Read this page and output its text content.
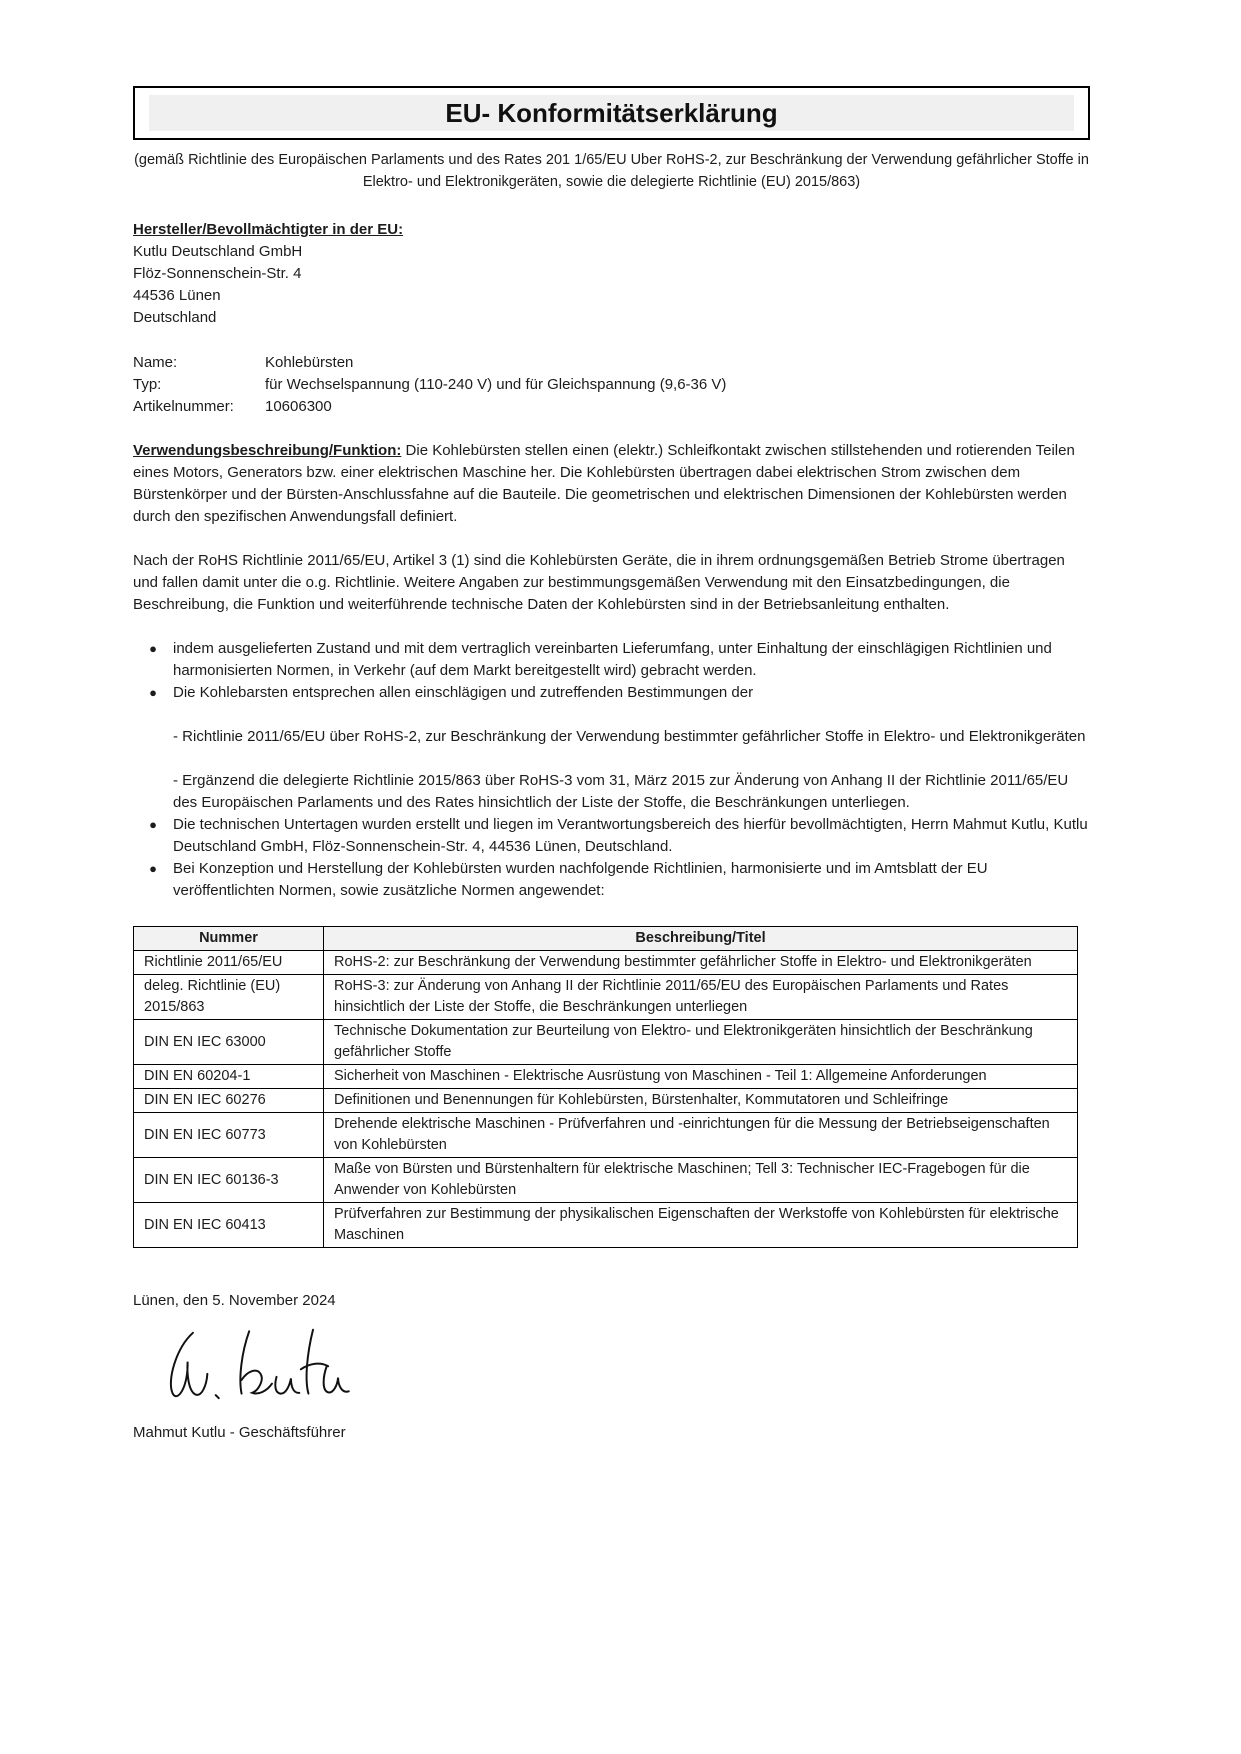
EU- Konformitätserklärung
(gemäß Richtlinie des Europäischen Parlaments und des Rates 201 1/65/EU Uber RoHS-2, zur Beschränkung der Verwendung gefährlicher Stoffe in Elektro- und Elektronikgeräten, sowie die delegierte Richtlinie (EU) 2015/863)
Hersteller/Bevollmächtigter in der EU:
Kutlu Deutschland GmbH
Flöz-Sonnenschein-Str. 4
44536 Lünen
Deutschland
Name:	Kohlebürsten
Typ:	für Wechselspannung (110-240 V) und für Gleichspannung (9,6-36 V)
Artikelnummer:	10606300
Verwendungsbeschreibung/Funktion: Die Kohlebürsten stellen einen (elektr.) Schleifkontakt zwischen stillstehenden und rotierenden Teilen eines Motors, Generators bzw. einer elektrischen Maschine her. Die Kohlebürsten übertragen dabei elektrischen Strom zwischen dem Bürstenkörper und der Bürsten-Anschlussfahne auf die Bauteile. Die geometrischen und elektrischen Dimensionen der Kohlebürsten werden durch den spezifischen Anwendungsfall definiert.
Nach der RoHS Richtlinie 2011/65/EU, Artikel 3 (1) sind die Kohlebürsten Geräte, die in ihrem ordnungsgemäßen Betrieb Strome übertragen und fallen damit unter die o.g. Richtlinie. Weitere Angaben zur bestimmungsgemäßen Verwendung mit den Einsatzbedingungen, die Beschreibung, die Funktion und weiterführende technische Daten der Kohlebürsten sind in der Betriebsanleitung enthalten.
●	indem ausgelieferten Zustand und mit dem vertraglich vereinbarten Lieferumfang, unter Einhaltung der einschlägigen Richtlinien und harmonisierten Normen, in Verkehr (auf dem Markt bereitgestellt wird) gebracht werden.
●	Die Kohlebarsten entsprechen allen einschlägigen und zutreffenden Bestimmungen der
- Richtlinie 2011/65/EU über RoHS-2, zur Beschränkung der Verwendung bestimmter gefährlicher Stoffe in Elektro- und Elektronikgeräten
- Ergänzend die delegierte Richtlinie 2015/863 über RoHS-3 vom 31, März 2015 zur Änderung von Anhang II der Richtlinie 2011/65/EU des Europäischen Parlaments und des Rates hinsichtlich der Liste der Stoffe, die Beschränkungen unterliegen.
●	Die technischen Untertagen wurden erstellt und liegen im Verantwortungsbereich des hierfür bevollmächtigten, Herrn Mahmut Kutlu, Kutlu Deutschland GmbH, Flöz-Sonnenschein-Str. 4, 44536 Lünen, Deutschland.
●	Bei Konzeption und Herstellung der Kohlebürsten wurden nachfolgende Richtlinien, harmonisierte und im Amtsblatt der EU veröffentlichten Normen, sowie zusätzliche Normen angewendet:
Nummer	Beschreibung/Titel
Richtlinie 2011/65/EU	RoHS-2: zur Beschränkung der Verwendung bestimmter gefährlicher Stoffe in Elektro- und Elektronikgeräten
deleg. Richtlinie (EU) 2015/863	RoHS-3: zur Änderung von Anhang II der Richtlinie 2011/65/EU des Europäischen Parlaments und Rates hinsichtlich der Liste der Stoffe, die Beschränkungen unterliegen
DIN EN IEC 63000	Technische Dokumentation zur Beurteilung von Elektro- und Elektronikgeräten hinsichtlich der Beschränkung gefährlicher Stoffe
DIN EN 60204-1	Sicherheit von Maschinen - Elektrische Ausrüstung von Maschinen - Teil 1: Allgemeine Anforderungen
DIN EN IEC 60276	Definitionen und Benennungen für Kohlebürsten, Bürstenhalter, Kommutatoren und Schleifringe
DIN EN IEC 60773	Drehende elektrische Maschinen - Prüfverfahren und -einrichtungen für die Messung der Betriebseigenschaften von Kohlebürsten
DIN EN IEC 60136-3	Maße von Bürsten und Bürstenhaltern für elektrische Maschinen; Tell 3: Technischer IEC-Fragebogen für die Anwender von Kohlebürsten
DIN EN IEC 60413	Prüfverfahren zur Bestimmung der physikalischen Eigenschaften der Werkstoffe von Kohlebürsten für elektrische Maschinen
Lünen, den 5. November 2024
Mahmut Kutlu - Geschäftsführer
